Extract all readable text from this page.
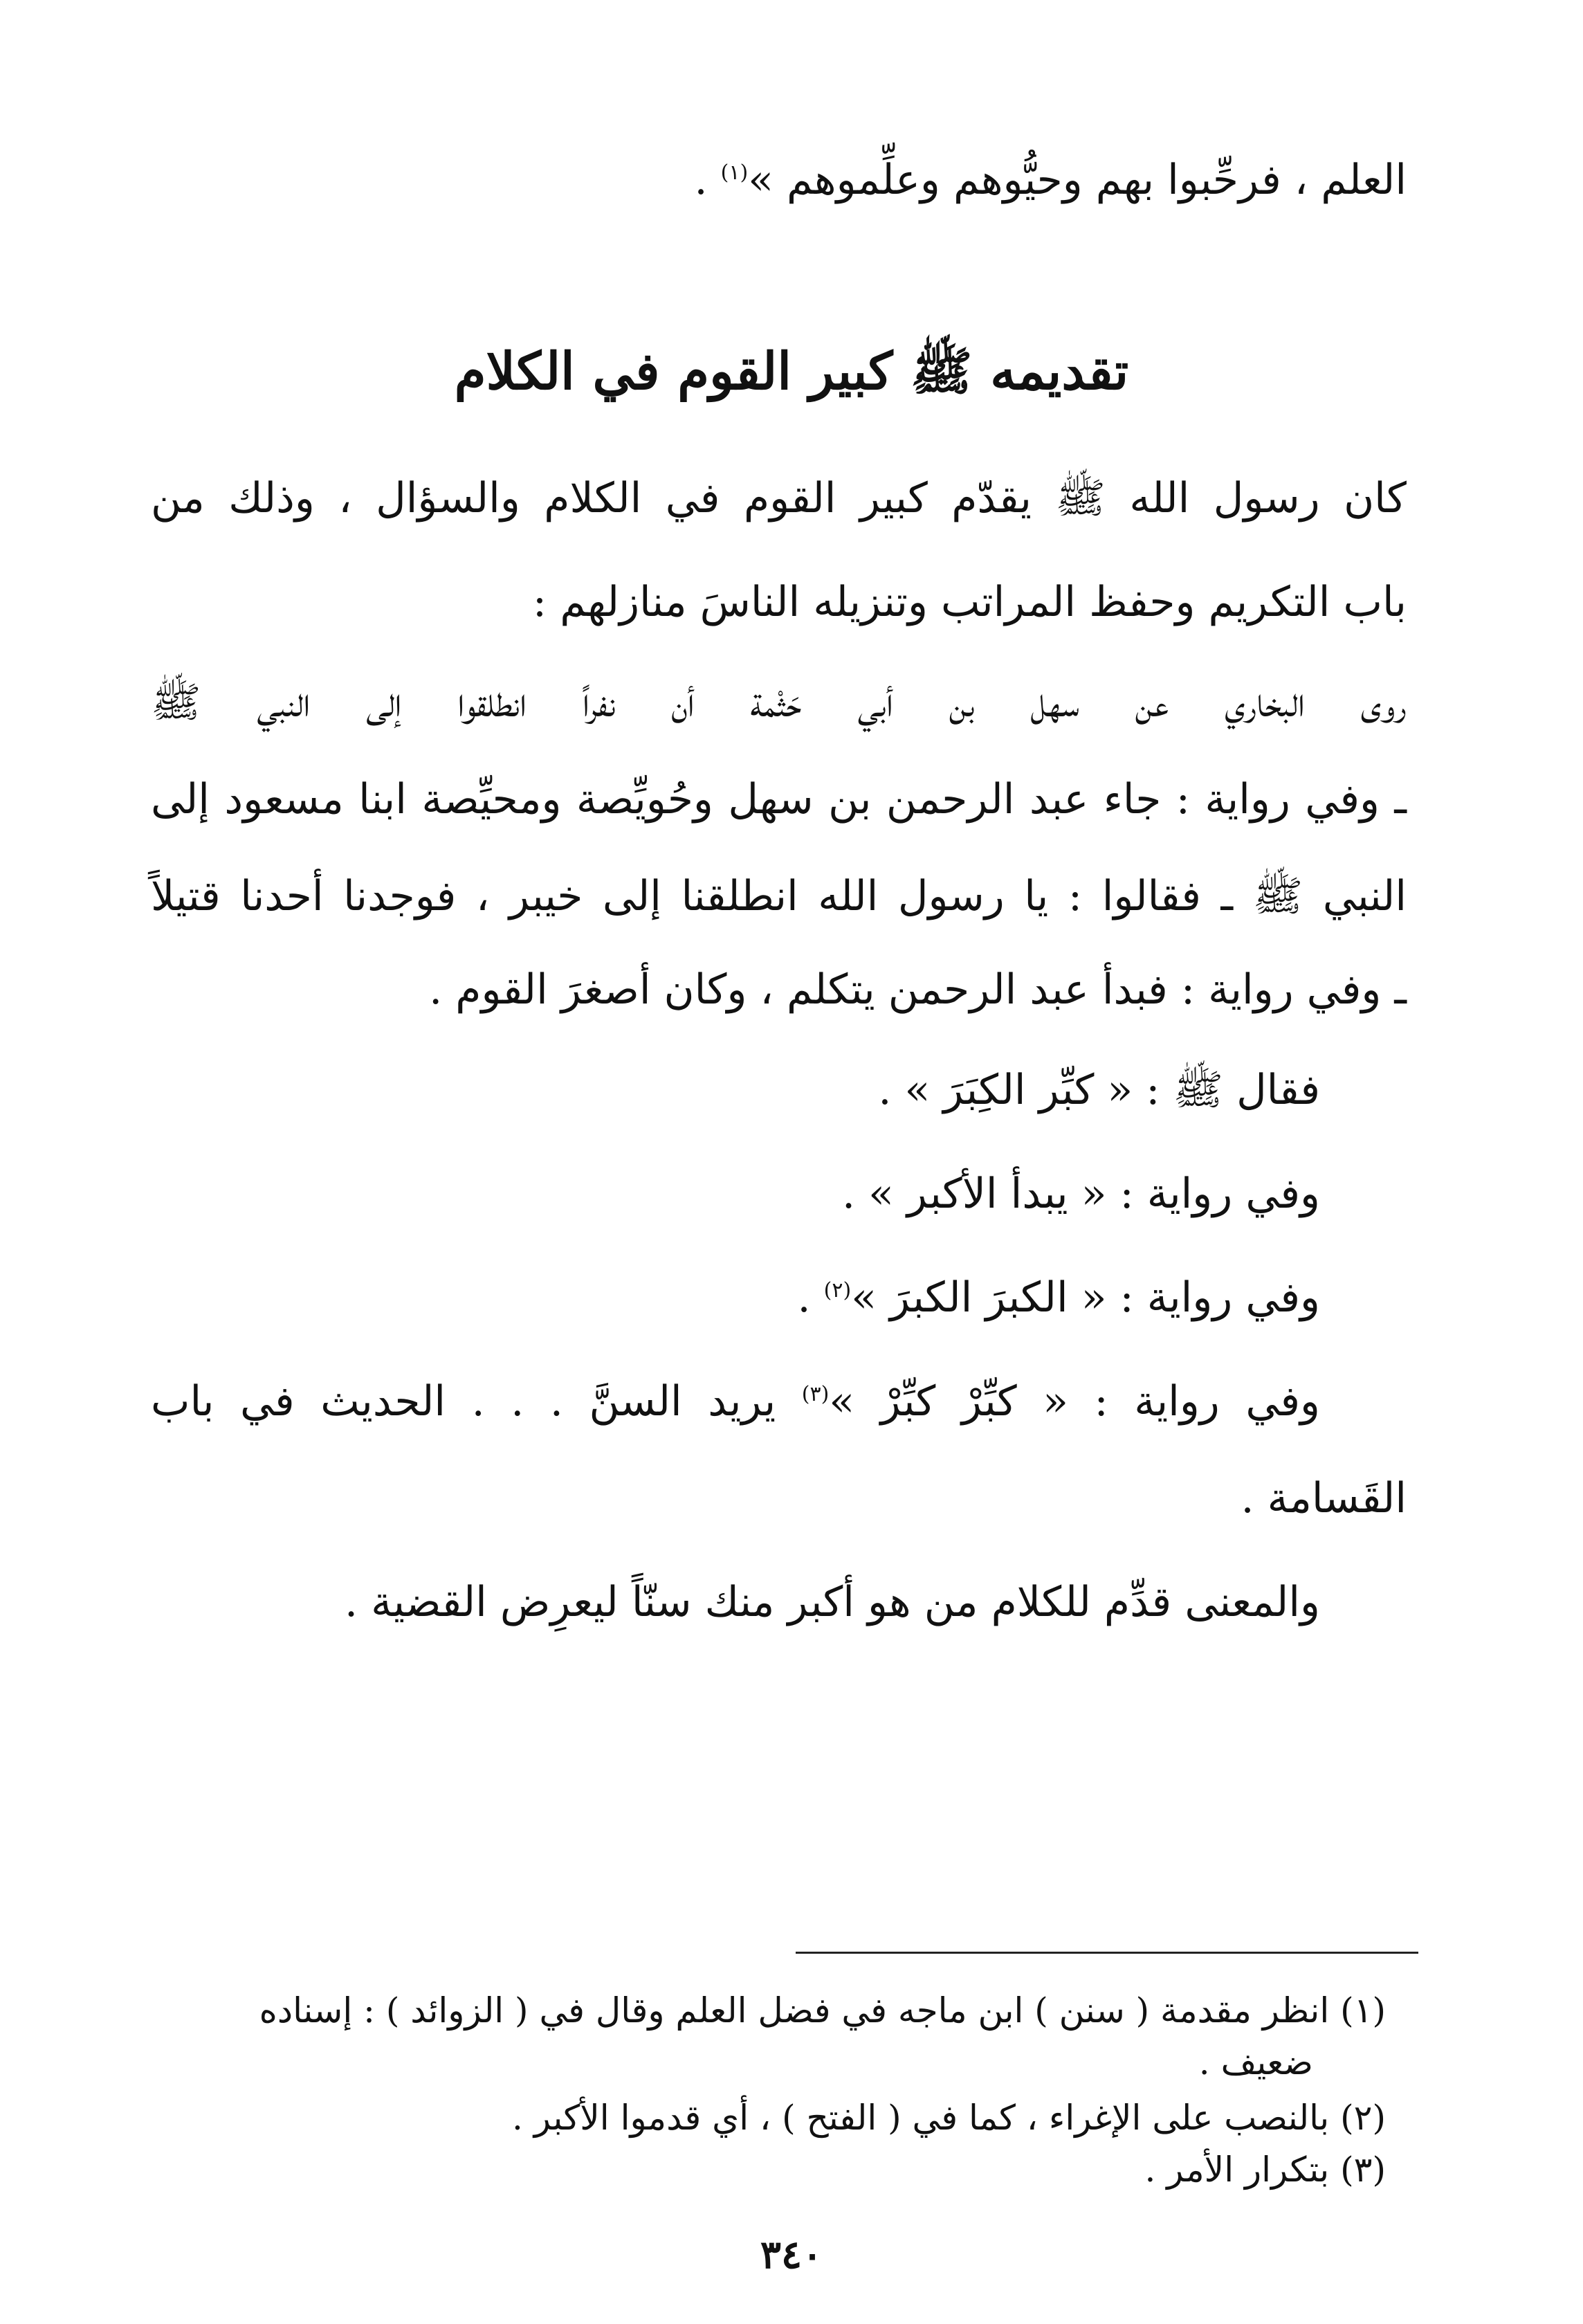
العلم ، فرحِّبوا بهم وحيُّوهم وعلِّموهم »$^{(١)}$ .
تقديمه ﷺ كبير القوم في الكلام
كان رسول الله ﷺ يقدّم كبير القوم في الكلام والسؤال ، وذلك من
باب التكريم وحفظ المراتب وتنزيله الناسَ منازلهم :
روى البخاري عن سهل بن أبي حَثْمة أن نفراً انطلقوا إلى النبي ﷺ
ـ وفي رواية : جاء عبد الرحمن بن سهل وحُويِّصة ومحيِّصة ابنا مسعود إلى
النبي ﷺ ـ فقالوا : يا رسول الله انطلقنا إلى خيبر ، فوجدنا أحدنا قتيلاً
ـ وفي رواية : فبدأ عبد الرحمن يتكلم ، وكان أصغرَ القوم .
فقال ﷺ : « كبِّر الكِبَرَ » .
وفي رواية : « يبدأ الأكبر » .
وفي رواية : « الكبرَ الكبرَ »$^{(٢)}$ .
وفي رواية : « كبِّرْ كبِّرْ »$^{(٣)}$ يريد السنَّ . . . الحديث في باب
القَسامة .
والمعنى قدِّم للكلام من هو أكبر منك سنّاً ليعرِض القضية .
(١) انظر مقدمة ( سنن ) ابن ماجه في فضل العلم وقال في ( الزوائد ) : إسناده
ضعيف .
(٢) بالنصب على الإغراء ، كما في ( الفتح ) ، أي قدموا الأكبر .
(٣) بتكرار الأمر .
٣٤٠
